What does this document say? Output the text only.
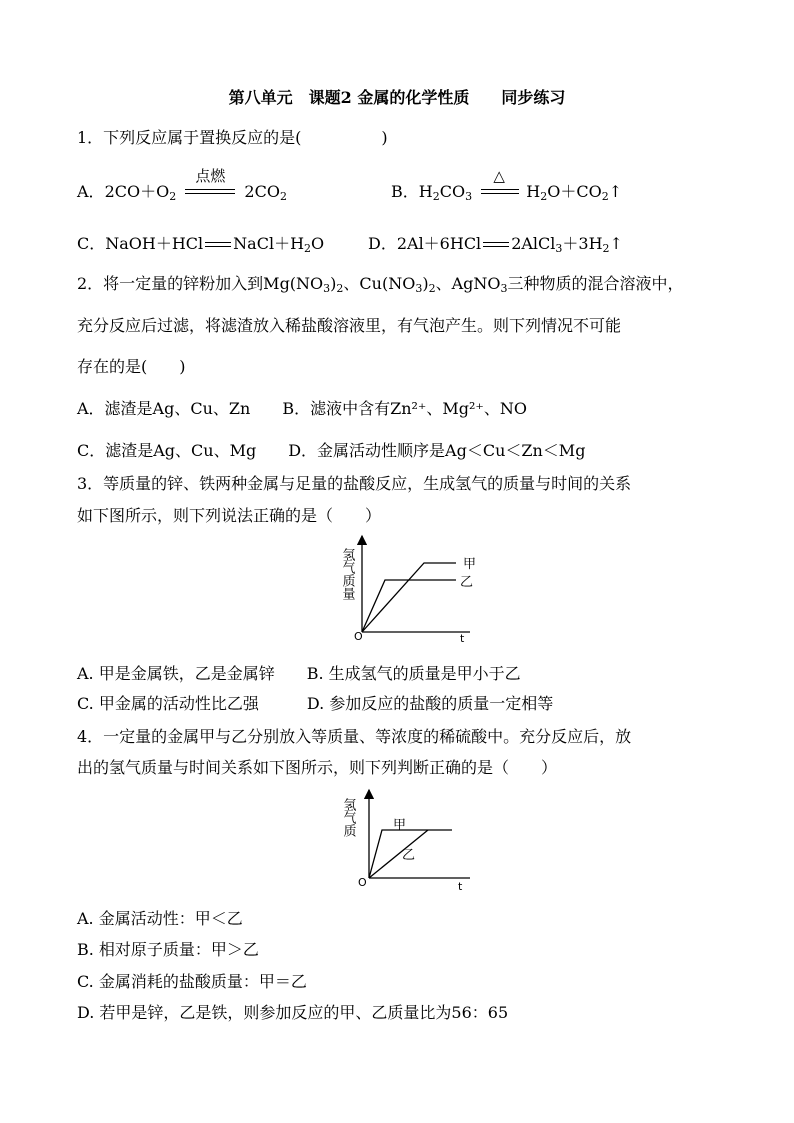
第八单元　课题2 金属的化学性质　　同步练习
1．下列反应属于置换反应的是(　　　　　)
A．$2CO+O_2$
点燃
$2CO_2$	B．$H_2CO_3$
△
$H_2O+CO_2↑$
C．NaOH＋HCl $NaCl+H_2O$	D．2Al＋6HCl $2AlCl_3+3H_2↑$
2．将一定量的锌粉加入到$Mg(NO_3)_2$、$Cu(NO_3)_2$、AgNO$_3$三种物质的混合溶液中，
充分反应后过滤，将滤渣放入稀盐酸溶液里，有气泡产生。则下列情况不可能
存在的是(　　)
A．滤渣是Ag、Cu、Zn　　B．滤液中含有Zn²⁺、Mg²⁺、NO
C．滤渣是Ag、Cu、Mg　　D．金属活动性顺序是Ag＜Cu＜Zn＜Mg
3．等质量的锌、铁两种金属与足量的盐酸反应，生成氢气的质量与时间的关系
如下图所示，则下列说法正确的是（　　）
氢气质量
O	t
甲
乙
A. 甲是金属铁，乙是金属锌　　B. 生成氢气的质量是甲小于乙
C. 甲金属的活动性比乙强　　　D. 参加反应的盐酸的质量一定相等
4．一定量的金属甲与乙分别放入等质量、等浓度的稀硫酸中。充分反应后，放
出的氢气质量与时间关系如下图所示，则下列判断正确的是（　　）
氢气质
O	t
甲
乙
A. 金属活动性：甲＜乙
B. 相对原子质量：甲＞乙
C. 金属消耗的盐酸质量：甲＝乙
D. 若甲是锌，乙是铁，则参加反应的甲、乙质量比为56：65
